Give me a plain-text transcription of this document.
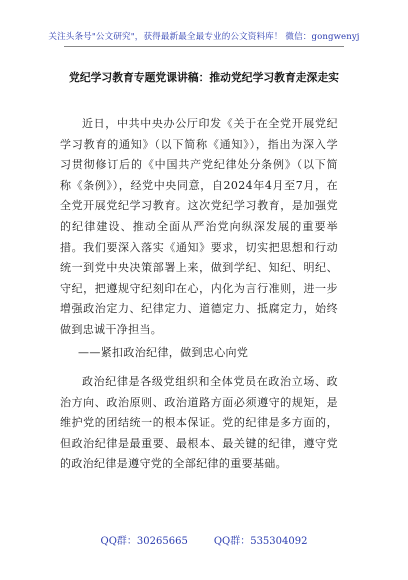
关注头条号"公文研究"，获得最新最全最专业的公文资料库！ 微信：gongwenyj
党纪学习教育专题党课讲稿：推动党纪学习教育走深走实

近日，中共中央办公厅印发《关于在全党开展党纪学习教育的通知》（以下简称《通知》），指出为深入学习贯彻修订后的《中国共产党纪律处分条例》（以下简称《条例》），经党中央同意，自2024年4月至7月，在全党开展党纪学习教育。这次党纪学习教育，是加强党的纪律建设、推动全面从严治党向纵深发展的重要举措。我们要深入落实《通知》要求，切实把思想和行动统一到党中央决策部署上来，做到学纪、知纪、明纪、守纪，把遵规守纪刻印在心，内化为言行准则，进一步增强政治定力、纪律定力、道德定力、抵腐定力，始终做到忠诚干净担当。

——紧扣政治纪律，做到忠心向党

政治纪律是各级党组织和全体党员在政治立场、政治方向、政治原则、政治道路方面必须遵守的规矩，是维护党的团结统一的根本保证。党的纪律是多方面的，但政治纪律是最重要、最根本、最关键的纪律，遵守党的政治纪律是遵守党的全部纪律的重要基础。

QQ群：30265665	QQ群：535304092
